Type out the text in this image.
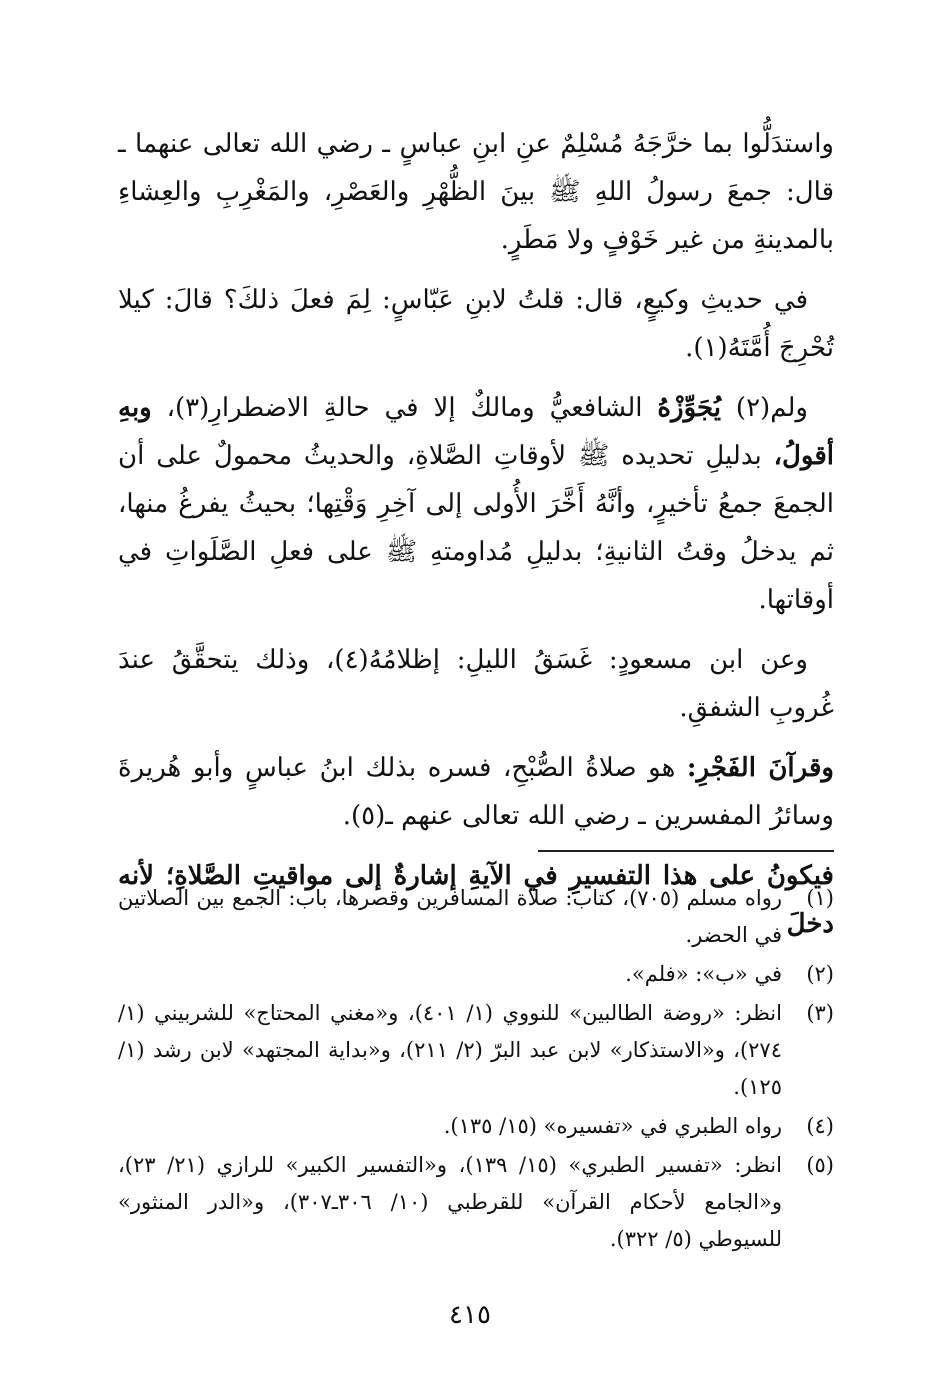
واستدَلُّوا بما خرَّجَهُ مُسْلِمٌ عنِ ابنِ عباسٍ ـ رضي الله تعالى عنهما ـ قال: جمعَ رسولُ اللهِ ﷺ بينَ الظُّهْرِ والعَصْرِ، والمَغْرِبِ والعِشاءِ بالمدينةِ من غير خَوْفٍ ولا مَطَرٍ.

في حديثِ وكيعٍ، قال: قلتُ لابنِ عَبّاسٍ: لِمَ فعلَ ذلكَ؟ قالَ: كيلا تُحْرِجَ أُمَّتَهُ(١).

ولم(٢) يُجَوِّزْهُ الشافعيُّ ومالكٌ إلا في حالةِ الاضطرارِ(٣)، وبهِ أقولُ، بدليلِ تحديده ﷺ لأوقاتِ الصَّلاةِ، والحديثُ محمولٌ على أن الجمعَ جمعُ تأخيرٍ، وأنَّهُ أَخَّرَ الأُولى إلى آخِرِ وَقْتِها؛ بحيثُ يفرغُ منها، ثم يدخلُ وقتُ الثانيةِ؛ بدليلِ مُداومتهِ ﷺ على فعلِ الصَّلَواتِ في أوقاتها.

وعن ابن مسعودٍ: غَسَقُ الليلِ: إظلامُهُ(٤)، وذلك يتحقَّقُ عندَ غُروبِ الشفقِ.

وقرآنَ الفَجْرِ: هو صلاةُ الصُّبْحِ، فسره بذلك ابنُ عباسٍ وأبو هُريرةَ وسائرُ المفسرين ـ رضي الله تعالى عنهم ـ(٥).

فيكونُ على هذا التفسيرِ في الآيةِ إشارةٌ إلى مواقيتِ الصَّلاةِ؛ لأنه دخلَ

(١)
رواه مسلم (٧٠٥)، كتاب: صلاة المسافرين وقصرها، باب: الجمع بين الصلاتين في الحضر.
(٢)
في «ب»: «فلم».
(٣)
انظر: «روضة الطالبين» للنووي (١/ ٤٠١)، و«مغني المحتاج» للشربيني (١/ ٢٧٤)، و«الاستذكار» لابن عبد البرّ (٢/ ٢١١)، و«بداية المجتهد» لابن رشد (١/ ١٢٥).
(٤)
رواه الطبري في «تفسيره» (١٥/ ١٣٥).
(٥)
انظر: «تفسير الطبري» (١٥/ ١٣٩)، و«التفسير الكبير» للرازي (٢١/ ٢٣)، و«الجامع لأحكام القرآن» للقرطبي (١٠/ ٣٠٦ـ٣٠٧)، و«الدر المنثور» للسيوطي (٥/ ٣٢٢).
٤١٥
